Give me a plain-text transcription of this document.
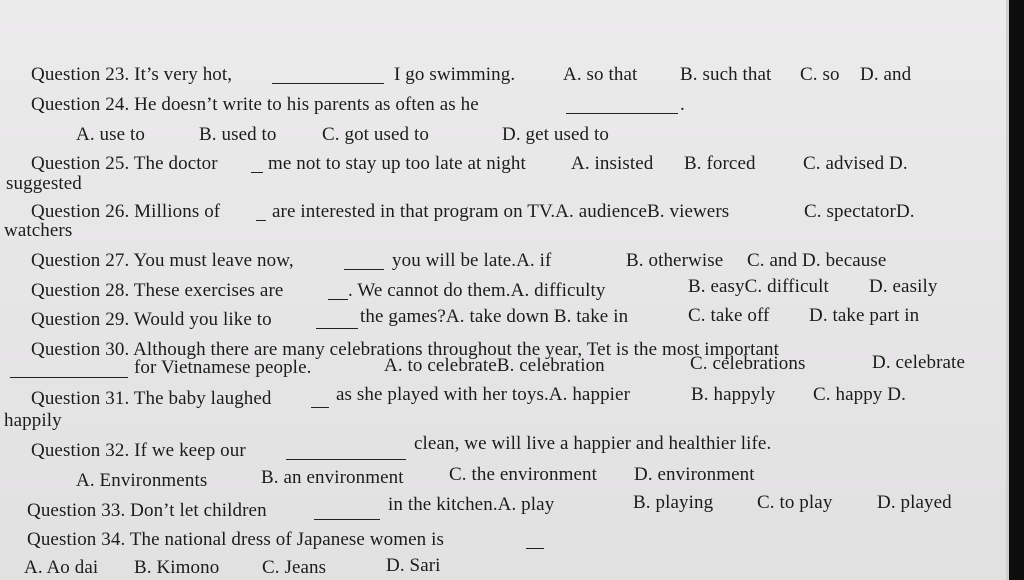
Question 23. It’s very hot,	I go swimming.	A. so that B. such that C. so D. and
Question 24. He doesn’t write to his parents as often as he	.
A. use to	B. used to C. got used to	D. get used to
Question 25. The doctor	me not to stay up too late at night A. insisted B. forced C. advised D.
suggested
Question 26. Millions of	are interested in that program on TV.A. audienceB. viewers	C. spectatorD.
watchers
Question 27. You must leave now,	you will be late.A. if	B. otherwise C. and D. because
Question 28. These exercises are	. We cannot do them.A. difficulty	B. easyC. difficult D. easily
Question 29. Would you like to	the games?A. take down B. take in	C. take off D. take part in
Question 30. Although there are many celebrations throughout the year, Tet is the most important
for Vietnamese people.	A. to celebrateB. celebration	C. celebrations	D. celebrate
Question 31. The baby laughed	as she played with her toys.A. happier	B. happyly C. happy D.
happily
Question 32. If we keep our	clean, we will live a happier and healthier life.
A. Environments	B. an environment C. the environment D. environment
Question 33. Don’t let children	in the kitchen.A. play	B. playing C. to play D. played
Question 34. The national dress of Japanese women is
A. Ao dai B. Kimono C. Jeans	D. Sari
